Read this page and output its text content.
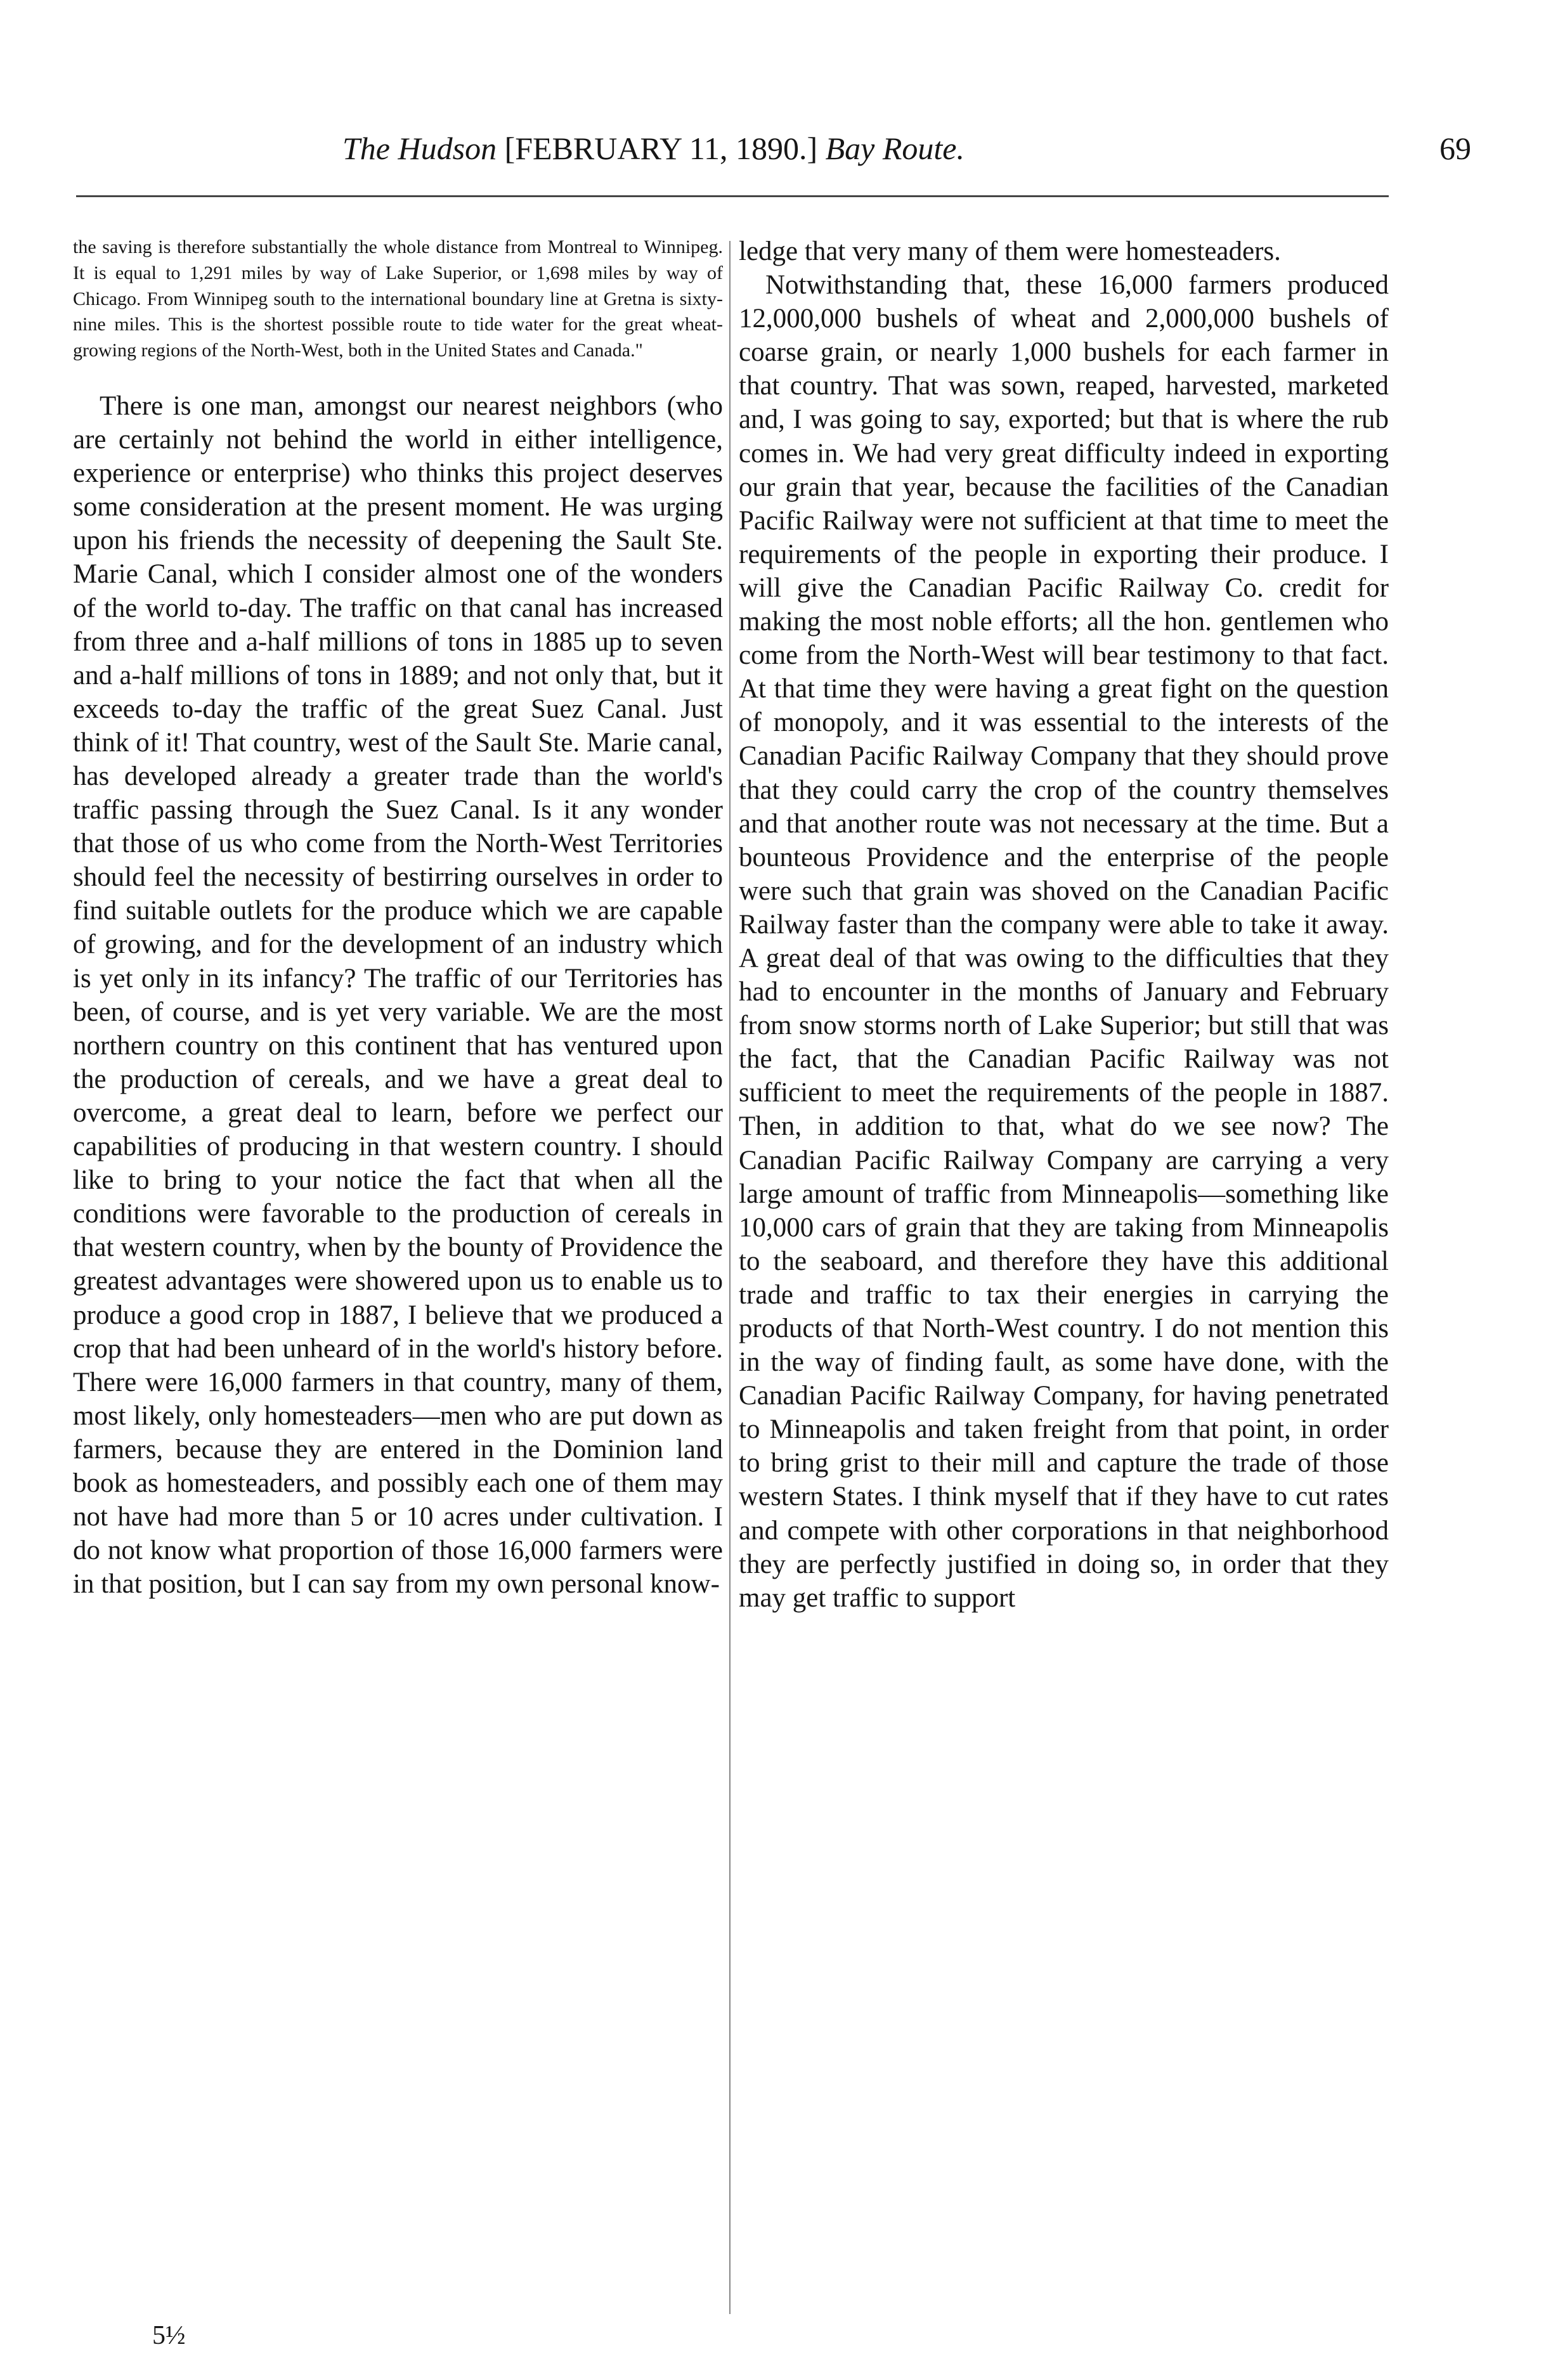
The Hudson [FEBRUARY 11, 1890.] Bay Route.	69

the saving is therefore substantially the whole distance from Montreal to Winnipeg. It is equal to 1,291 miles by way of Lake Superior, or 1,698 miles by way of Chicago. From Winnipeg south to the international boundary line at Gretna is sixty-nine miles. This is the shortest possible route to tide water for the great wheat-growing regions of the North-West, both in the United States and Canada."

There is one man, amongst our nearest neighbors (who are certainly not behind the world in either intelligence, experience or enterprise) who thinks this project deserves some consideration at the present moment. He was urging upon his friends the necessity of deepening the Sault Ste. Marie Canal, which I consider almost one of the wonders of the world to-day. The traffic on that canal has increased from three and a-half millions of tons in 1885 up to seven and a-half millions of tons in 1889; and not only that, but it exceeds to-day the traffic of the great Suez Canal. Just think of it! That country, west of the Sault Ste. Marie canal, has developed already a greater trade than the world's traffic passing through the Suez Canal. Is it any wonder that those of us who come from the North-West Territories should feel the necessity of bestirring ourselves in order to find suitable outlets for the produce which we are capable of growing, and for the development of an industry which is yet only in its infancy? The traffic of our Territories has been, of course, and is yet very variable. We are the most northern country on this continent that has ventured upon the production of cereals, and we have a great deal to overcome, a great deal to learn, before we perfect our capabilities of producing in that western country. I should like to bring to your notice the fact that when all the conditions were favorable to the production of cereals in that western country, when by the bounty of Providence the greatest advantages were showered upon us to enable us to produce a good crop in 1887, I believe that we produced a crop that had been unheard of in the world's history before. There were 16,000 farmers in that country, many of them, most likely, only homesteaders—men who are put down as farmers, because they are entered in the Dominion land book as homesteaders, and possibly each one of them may not have had more than 5 or 10 acres under cultivation. I do not know what proportion of those 16,000 farmers were in that position, but I can say from my own personal know-

ledge that very many of them were homesteaders.

Notwithstanding that, these 16,000 farmers produced 12,000,000 bushels of wheat and 2,000,000 bushels of coarse grain, or nearly 1,000 bushels for each farmer in that country. That was sown, reaped, harvested, marketed and, I was going to say, exported; but that is where the rub comes in. We had very great difficulty indeed in exporting our grain that year, because the facilities of the Canadian Pacific Railway were not sufficient at that time to meet the requirements of the people in exporting their produce. I will give the Canadian Pacific Railway Co. credit for making the most noble efforts; all the hon. gentlemen who come from the North-West will bear testimony to that fact. At that time they were having a great fight on the question of monopoly, and it was essential to the interests of the Canadian Pacific Railway Company that they should prove that they could carry the crop of the country themselves and that another route was not necessary at the time. But a bounteous Providence and the enterprise of the people were such that grain was shoved on the Canadian Pacific Railway faster than the company were able to take it away. A great deal of that was owing to the difficulties that they had to encounter in the months of January and February from snow storms north of Lake Superior; but still that was the fact, that the Canadian Pacific Railway was not sufficient to meet the requirements of the people in 1887. Then, in addition to that, what do we see now? The Canadian Pacific Railway Company are carrying a very large amount of traffic from Minneapolis—something like 10,000 cars of grain that they are taking from Minneapolis to the seaboard, and therefore they have this additional trade and traffic to tax their energies in carrying the products of that North-West country. I do not mention this in the way of finding fault, as some have done, with the Canadian Pacific Railway Company, for having penetrated to Minneapolis and taken freight from that point, in order to bring grist to their mill and capture the trade of those western States. I think myself that if they have to cut rates and compete with other corporations in that neighborhood they are perfectly justified in doing so, in order that they may get traffic to support

5½
